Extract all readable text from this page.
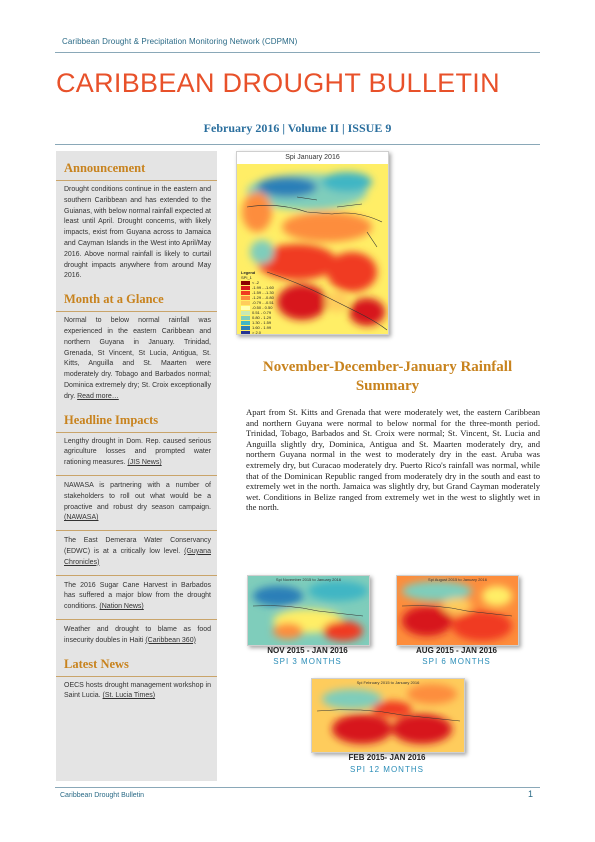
Caribbean Drought & Precipitation Monitoring Network (CDPMN)
CARIBBEAN DROUGHT BULLETIN
February 2016 | Volume II | ISSUE 9
Announcement

Drought conditions continue in the eastern and southern Caribbean and has extended to the Guianas, with below normal rainfall expected at least until April. Drought concerns, with likely impacts, exist from Guyana across to Jamaica and Cayman Islands in the West into April/May 2016. Above normal rainfall is likely to curtail drought impacts anywhere from around May 2016.

Month at a Glance

Normal to below normal rainfall was experienced in the eastern Caribbean and northern Guyana in January. Trinidad, Grenada, St Vincent, St Lucia, Antigua, St. Kitts, Anguilla and St. Maarten were moderately dry. Tobago and Barbados normal; Dominica extremely dry; St. Croix exceptionally dry. Read more…

Headline Impacts

Lengthy drought in Dom. Rep. caused serious agriculture losses and prompted water rationing measures. (JIS News)

NAWASA is partnering with a number of stakeholders to roll out what would be a proactive and robust dry season campaign. (NAWASA)

The East Demerara Water Conservancy (EDWC) is at a critically low level. (Guyana Chronicles)

The 2016 Sugar Cane Harvest in Barbados has suffered a major blow from the drought conditions. (Nation News)

Weather and drought to blame as food insecurity doubles in Haiti (Caribbean 360)

Latest News

OECS hosts drought management workshop in Saint Lucia. (St. Lucia Times)

Spi January 2016
Legend
SPI_1
< -2
-1.99 - -1.60
-1.59 - -1.30
-1.29 - -0.80
-0.79 - -0.51
-0.50 - 0.50
0.51 - 0.79
0.80 - 1.29
1.30 - 1.59
1.60 - 1.99
> 2.0
November-December-January Rainfall Summary
Apart from St. Kitts and Grenada that were moderately wet, the eastern Caribbean and northern Guyana were normal to below normal for the three-month period. Trinidad, Tobago, Barbados and St. Croix were normal; St. Vincent, St. Lucia and Anguilla slightly dry, Dominica, Antigua and St. Maarten moderately dry, and northern Guyana normal in the west to moderately dry in the east. Aruba was extremely dry, but Curacao moderately dry. Puerto Rico's rainfall was normal, while that of the Dominican Republic ranged from moderately dry in the south and east to extremely wet in the north. Jamaica was slightly dry, but Grand Cayman moderately wet. Conditions in Belize ranged from extremely wet in the west to slightly wet in the north.
Spi November 2015 to January 2016
NOV 2015 - JAN 2016
SPI 3 MONTHS
Spi August 2015 to January 2016
AUG 2015 - JAN 2016
SPI 6 MONTHS
Spi February 2015 to January 2016
FEB 2015- JAN 2016
SPI 12 MONTHS
Caribbean Drought Bulletin	1
